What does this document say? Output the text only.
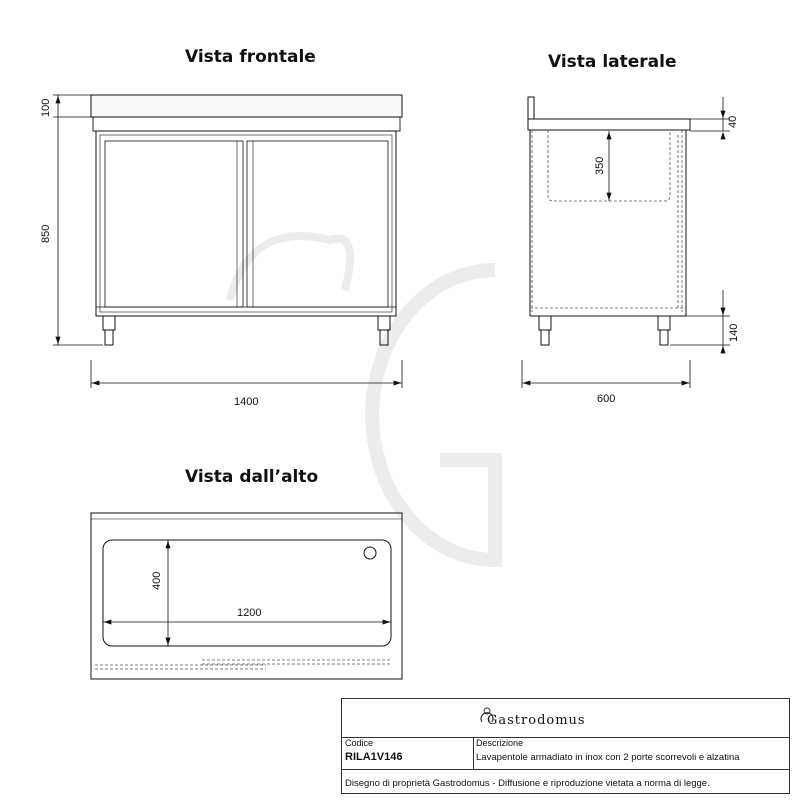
Vista frontale	Vista laterale
Vista dall’alto
100
850
1400
40
350
140
600
400
1200
Gastrodomus
Codice
RILA1V146
Descrizione
Lavapentole armadiato in inox con 2 porte scorrevoli e alzatina
Disegno di proprietà Gastrodomus - Diffusione e riproduzione vietata a norma di legge.
